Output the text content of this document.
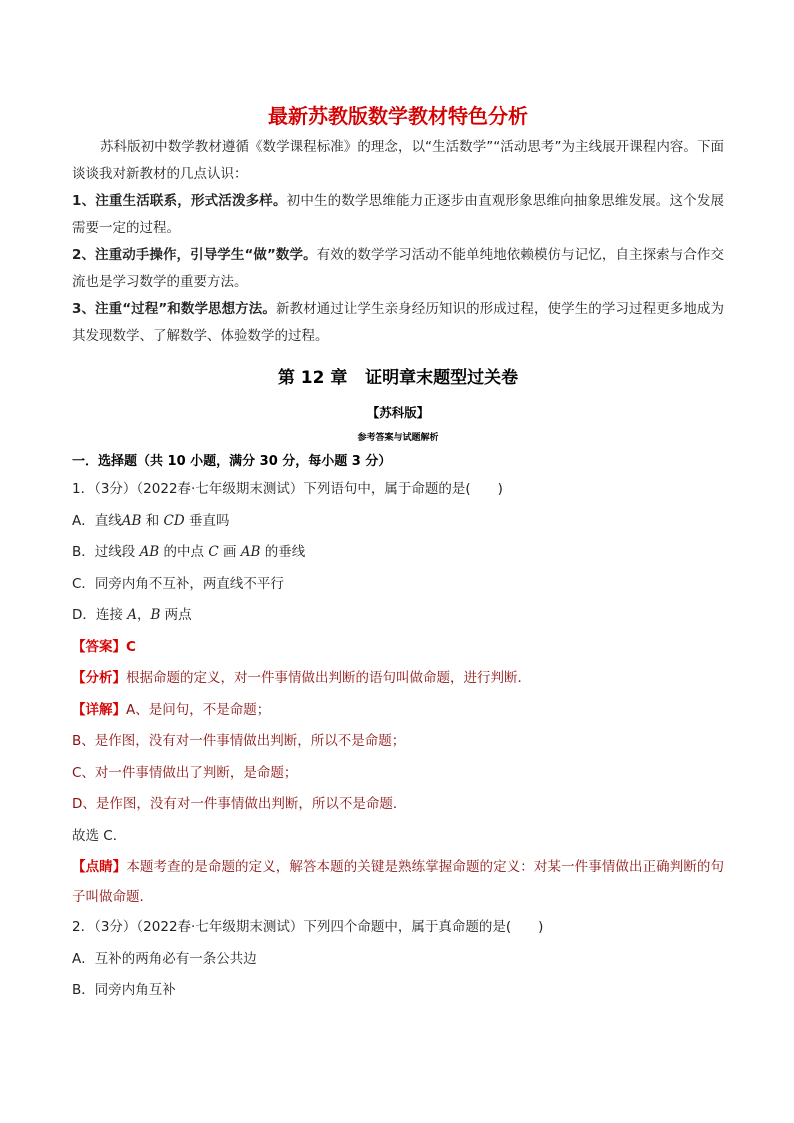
最新苏教版数学教材特色分析

苏科版初中数学教材遵循《数学课程标准》的理念，以“生活数学”“活动思考”为主线展开课程内容。下面谈谈我对新教材的几点认识：

1、注重生活联系，形式活泼多样。初中生的数学思维能力正逐步由直观形象思维向抽象思维发展。这个发展需要一定的过程。

2、注重动手操作，引导学生“做”数学。有效的数学学习活动不能单纯地依赖模仿与记忆，自主探索与合作交流也是学习数学的重要方法。

3、注重“过程”和数学思想方法。新教材通过让学生亲身经历知识的形成过程，使学生的学习过程更多地成为其发现数学、了解数学、体验数学的过程。

第 12 章   证明章末题型过关卷
【苏科版】
参考答案与试题解析
一．选择题（共 10 小题，满分 30 分，每小题 3 分）
1．（3分）（2022春·七年级期末测试）下列语句中，属于命题的是(　　)
A．直线AB 和 CD 垂直吗
B．过线段 AB 的中点 C 画 AB 的垂线
C．同旁内角不互补，两直线不平行
D．连接 A，B 两点
【答案】C
【分析】根据命题的定义，对一件事情做出判断的语句叫做命题，进行判断．
【详解】A、是问句，不是命题；
B、是作图，没有对一件事情做出判断，所以不是命题；
C、对一件事情做出了判断，是命题；
D、是作图，没有对一件事情做出判断，所以不是命题．
故选 C．
【点睛】本题考查的是命题的定义，解答本题的关键是熟练掌握命题的定义：对某一件事情做出正确判断的句子叫做命题．
2．（3分）（2022春·七年级期末测试）下列四个命题中，属于真命题的是(　　)
A．互补的两角必有一条公共边
B．同旁内角互补
